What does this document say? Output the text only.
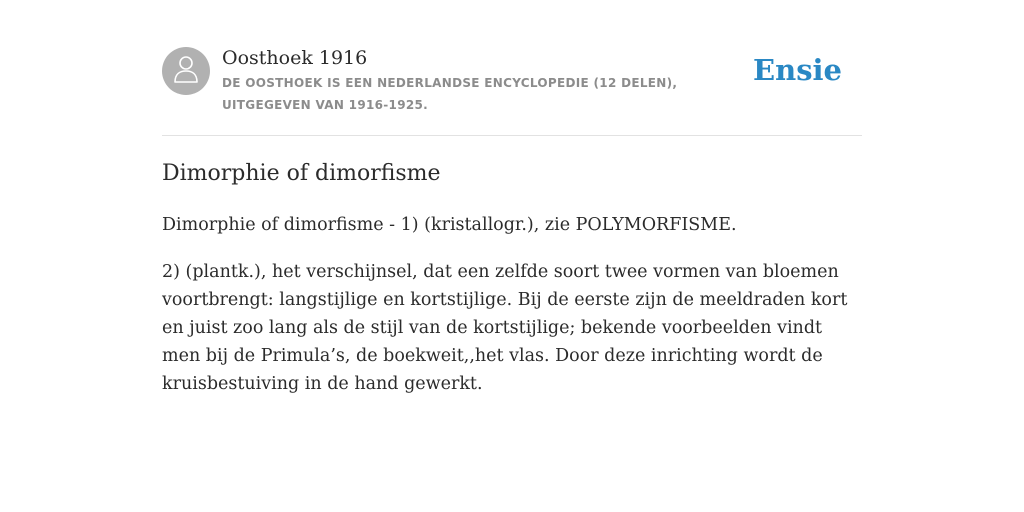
Oosthoek 1916
DE OOSTHOEK IS EEN NEDERLANDSE ENCYCLOPEDIE (12 DELEN), UITGEGEVEN VAN 1916-1925.
Ensie
Dimorphie of dimorfisme

Dimorphie of dimorfisme - 1) (kristallogr.), zie POLYMORFISME.

2) (plantk.), het verschijnsel, dat een zelfde soort twee vormen van bloemen voortbrengt: langstijlige en kortstijlige. Bij de eerste zijn de meeldraden kort en juist zoo lang als de stijl van de kortstijlige; bekende voorbeelden vindt men bij de Primula’s, de boekweit,,het vlas. Door deze inrichting wordt de kruisbestuiving in de hand gewerkt.
